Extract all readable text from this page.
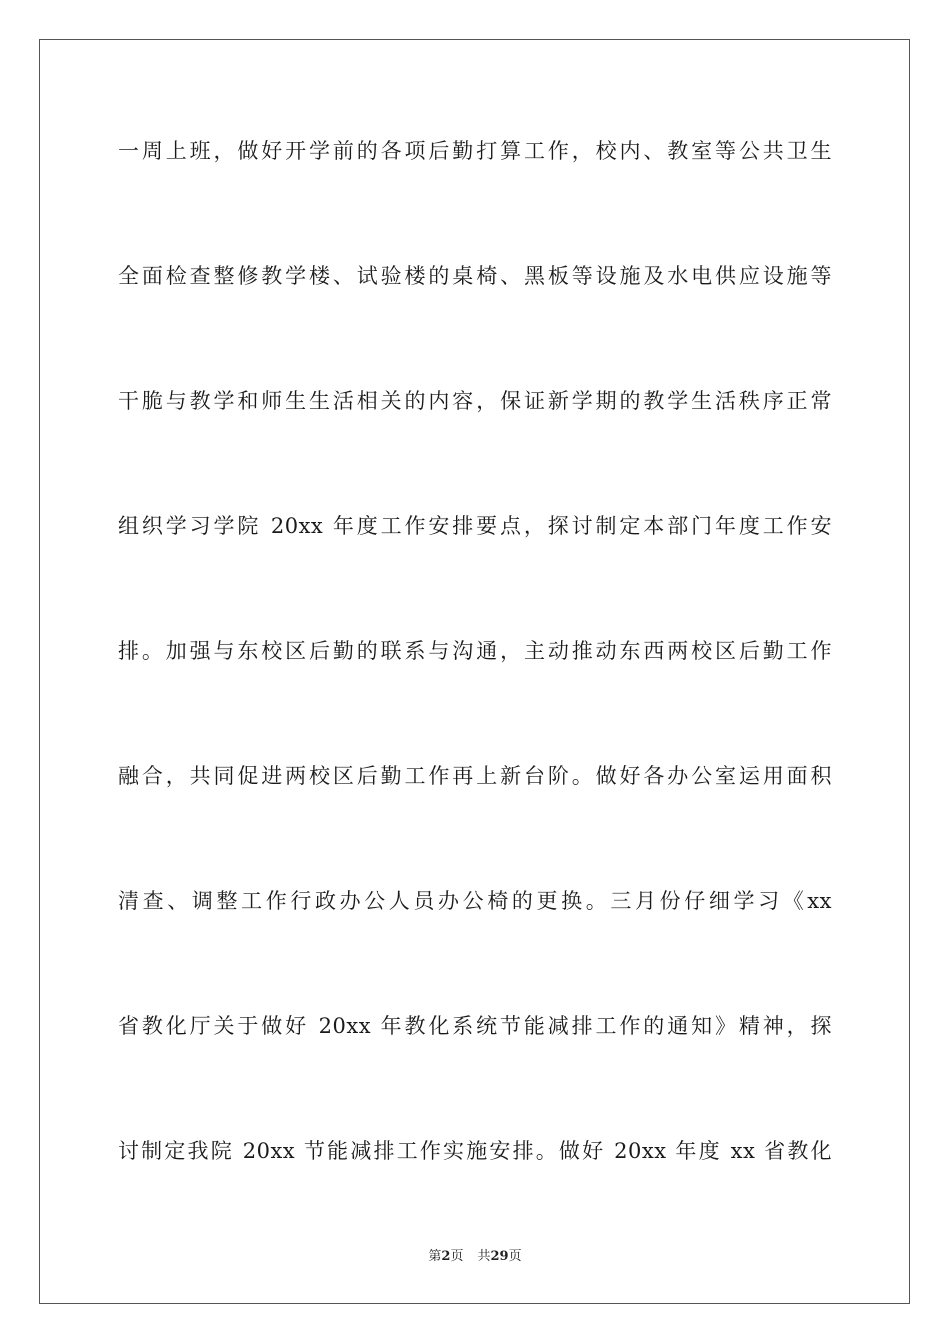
一周上班，做好开学前的各项后勤打算工作，校内、教室等公共卫生
全面检查整修教学楼、试验楼的桌椅、黑板等设施及水电供应设施等
干脆与教学和师生生活相关的内容，保证新学期的教学生活秩序正常
组织学习学院 20xx 年度工作安排要点，探讨制定本部门年度工作安
排。加强与东校区后勤的联系与沟通，主动推动东西两校区后勤工作
融合，共同促进两校区后勤工作再上新台阶。做好各办公室运用面积
清查、调整工作行政办公人员办公椅的更换。三月份仔细学习《xx
省教化厅关于做好 20xx 年教化系统节能减排工作的通知》精神，探
讨制定我院 20xx 节能减排工作实施安排。做好 20xx 年度 xx 省教化
第2页 共29页
